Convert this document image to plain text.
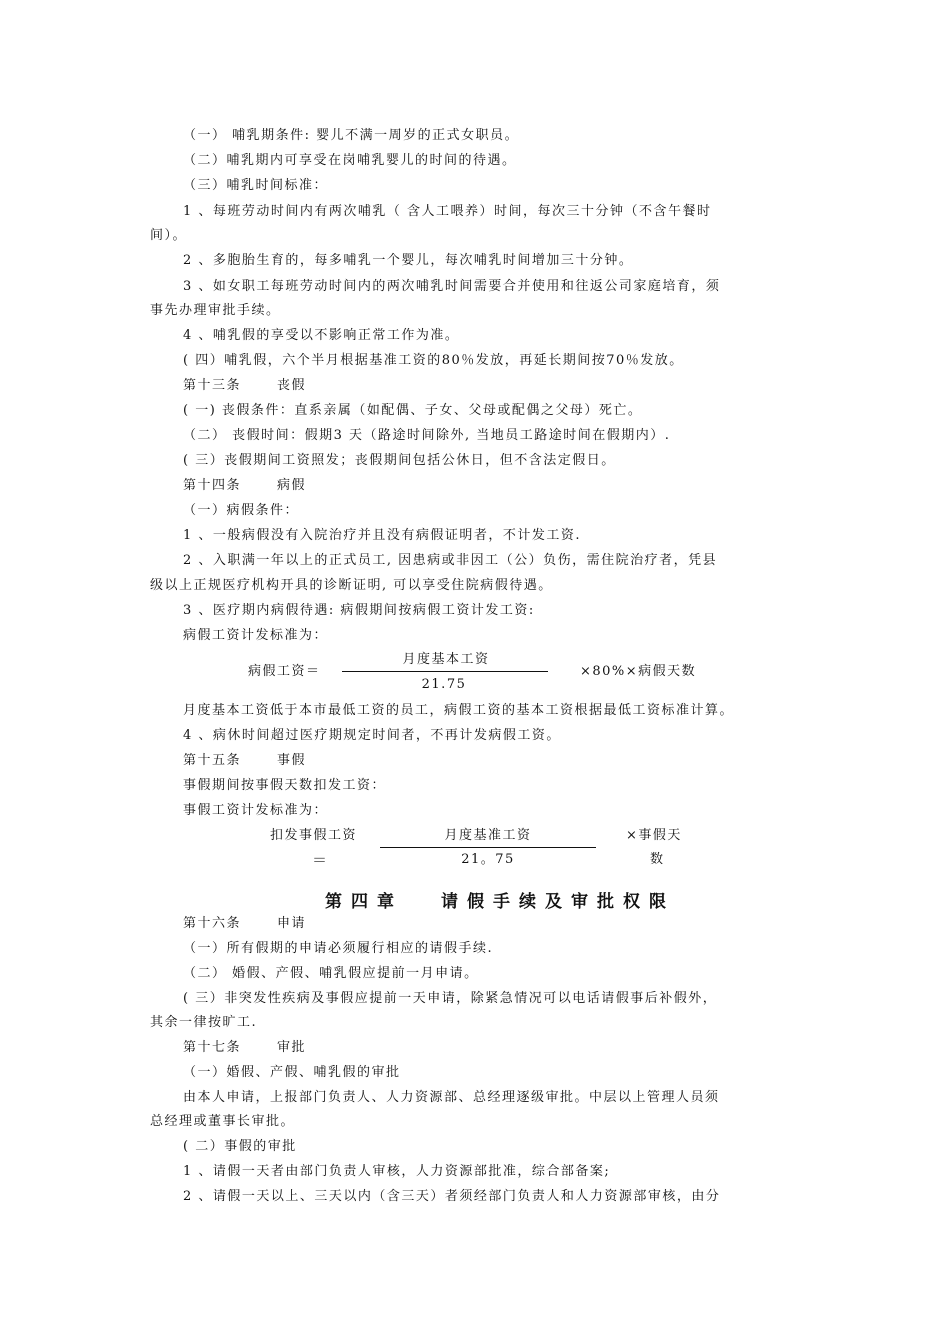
（一） 哺乳期条件: 婴儿不满一周岁的正式女职员。
（二）哺乳期内可享受在岗哺乳婴儿的时间的待遇。
（三）哺乳时间标准：
1 、每班劳动时间内有两次哺乳（ 含人工喂养）时间，每次三十分钟（不含午餐时
间）。
2 、多胞胎生育的，每多哺乳一个婴儿，每次哺乳时间增加三十分钟。
3 、如女职工每班劳动时间内的两次哺乳时间需要合并使用和往返公司家庭培育，须
事先办理审批手续。
4 、哺乳假的享受以不影响正常工作为准。
( 四）哺乳假，六个半月根据基准工资的80％发放，再延长期间按70％发放。
第十三条	丧假
( 一) 丧假条件：直系亲属（如配偶、子女、父母或配偶之父母）死亡。
（二） 丧假时间：假期3 天（路途时间除外, 当地员工路途时间在假期内）.
( 三）丧假期间工资照发；丧假期间包括公休日，但不含法定假日。
第十四条	病假
（一）病假条件：
1 、一般病假没有入院治疗并且没有病假证明者，不计发工资.
2 、入职满一年以上的正式员工, 因患病或非因工（公）负伤，需住院治疗者，凭县
级以上正规医疗机构开具的诊断证明, 可以享受住院病假待遇。
3 、医疗期内病假待遇: 病假期间按病假工资计发工资:
病假工资计发标准为：
病假工资＝
月度基本工资
21.75
×80%×病假天数
月度基本工资低于本市最低工资的员工，病假工资的基本工资根据最低工资标准计算。
4 、病休时间超过医疗期规定时间者，不再计发病假工资。
第十五条	事假
事假期间按事假天数扣发工资：
事假工资计发标准为：
扣发事假工资
＝
月度基准工资
21。75
×事假天
数
第四章 请假手续及审批权限
第十六条	申请
（一）所有假期的申请必须履行相应的请假手续.
（二） 婚假、产假、哺乳假应提前一月申请。
( 三）非突发性疾病及事假应提前一天申请，除紧急情况可以电话请假事后补假外，
其余一律按旷工.
第十七条	审批
（一）婚假、产假、哺乳假的审批
由本人申请，上报部门负责人、人力资源部、总经理逐级审批。中层以上管理人员须
总经理或董事长审批。
( 二）事假的审批
1 、请假一天者由部门负责人审核，人力资源部批准，综合部备案;
2 、请假一天以上、三天以内（含三天）者须经部门负责人和人力资源部审核，由分
